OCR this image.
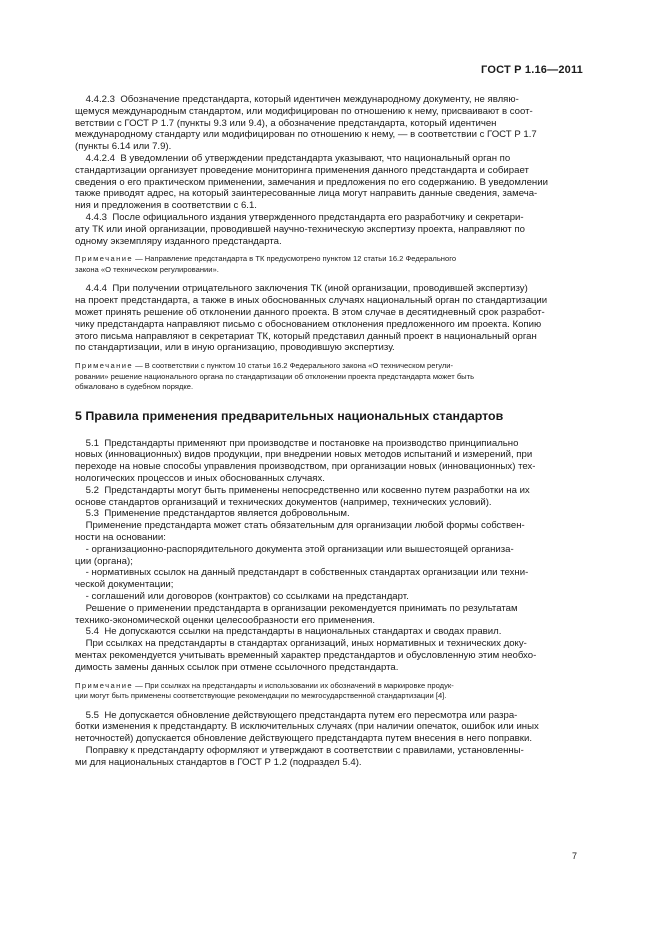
ГОСТ Р 1.16—2011
4.4.2.3  Обозначение предстандарта, который идентичен международному документу, не являю-
щемуся международным стандартом, или модифицирован по отношению к нему, присваивают в соот-
ветствии с ГОСТ Р 1.7 (пункты 9.3 или 9.4), а обозначение предстандарта, который идентичен
международному стандарту или модифицирован по отношению к нему, — в соответствии с ГОСТ Р 1.7
(пункты 6.14 или 7.9).
4.4.2.4  В уведомлении об утверждении предстандарта указывают, что национальный орган по
стандартизации организует проведение мониторинга применения данного предстандарта и собирает
сведения о его практическом применении, замечания и предложения по его содержанию. В уведомлении
также приводят адрес, на который заинтересованные лица могут направить данные сведения, замеча-
ния и предложения в соответствии с 6.1.
4.4.3  После официального издания утвержденного предстандарта его разработчику и секретари-
ату ТК или иной организации, проводившей научно-техническую экспертизу проекта, направляют по
одному экземпляру изданного предстандарта.
Примечание — Направление предстандарта в ТК предусмотрено пунктом 12 статьи 16.2 Федерального

закона «О техническом регулировании».
4.4.4  При получении отрицательного заключения ТК (иной организации, проводившей экспертизу)
на проект предстандарта, а также в иных обоснованных случаях национальный орган по стандартизации
может принять решение об отклонении данного проекта. В этом случае в десятидневный срок разработ-
чику предстандарта направляют письмо с обоснованием отклонения предложенного им проекта. Копию
этого письма направляют в секретариат ТК, который представил данный проект в национальный орган
по стандартизации, или в иную организацию, проводившую экспертизу.
Примечание — В соответствии с пунктом 10 статьи 16.2 Федерального закона «О техническом регули-

ровании» решение национального органа по стандартизации об отклонении проекта предстандарта может быть
обжаловано в судебном порядке.
5 Правила применения предварительных национальных стандартов
5.1  Предстандарты применяют при производстве и постановке на производство принципиально
новых (инновационных) видов продукции, при внедрении новых методов испытаний и измерений, при
переходе на новые способы управления производством, при организации новых (инновационных) тех-
нологических процессов и иных обоснованных случаях.
5.2  Предстандарты могут быть применены непосредственно или косвенно путем разработки на их
основе стандартов организаций и технических документов (например, технических условий).
5.3  Применение предстандартов является добровольным.
Применение предстандарта может стать обязательным для организации любой формы собствен-
ности на основании:
- организационно-распорядительного документа этой организации или вышестоящей организа-
ции (органа);
- нормативных ссылок на данный предстандарт в собственных стандартах организации или техни-
ческой документации;
- соглашений или договоров (контрактов) со ссылками на предстандарт.
Решение о применении предстандарта в организации рекомендуется принимать по результатам
технико-экономической оценки целесообразности его применения.
5.4  Не допускаются ссылки на предстандарты в национальных стандартах и сводах правил.
При ссылках на предстандарты в стандартах организаций, иных нормативных и технических доку-
ментах рекомендуется учитывать временный характер предстандартов и обусловленную этим необхо-
димость замены данных ссылок при отмене ссылочного предстандарта.
Примечание — При ссылках на предстандарты и использовании их обозначений в маркировке продук-

ции могут быть применены соответствующие рекомендации по межгосударственной стандартизации [4].
5.5  Не допускается обновление действующего предстандарта путем его пересмотра или разра-
ботки изменения к предстандарту. В исключительных случаях (при наличии опечаток, ошибок или иных
неточностей) допускается обновление действующего предстандарта путем внесения в него поправки.
Поправку к предстандарту оформляют и утверждают в соответствии с правилами, установленны-
ми для национальных стандартов в ГОСТ Р 1.2 (подраздел 5.4).
7
